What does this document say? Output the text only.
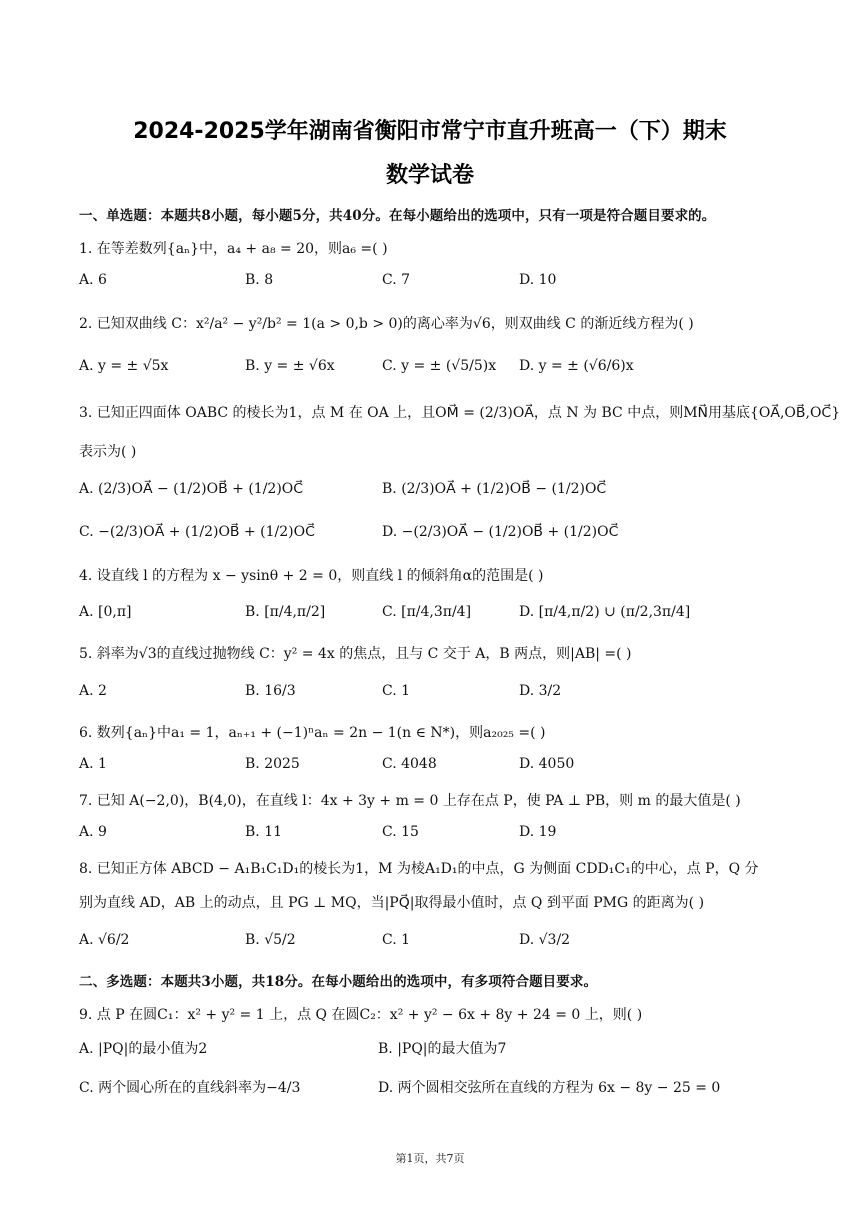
2024-2025学年湖南省衡阳市常宁市直升班高一（下）期末
数学试卷
一、单选题：本题共8小题，每小题5分，共40分。在每小题给出的选项中，只有一项是符合题目要求的。
1. 在等差数列{aₙ}中，a₄ + a₈ = 20，则a₆ =( )
A. 6	B. 8	C. 7	D. 10
2. 已知双曲线 C：x²/a² − y²/b² = 1(a > 0,b > 0)的离心率为√6，则双曲线 C 的渐近线方程为( )
A. y = ± √5x	B. y = ± √6x	C. y = ± (√5/5)x D. y = ± (√6/6)x
3. 已知正四面体 OABC 的棱长为1，点 M 在 OA 上，且OM⃗ = (2/3)OA⃗，点 N 为 BC 中点，则MN⃗用基底{OA⃗,OB⃗,OC⃗}
表示为( )
A. (2/3)OA⃗ − (1/2)OB⃗ + (1/2)OC⃗	B. (2/3)OA⃗ + (1/2)OB⃗ − (1/2)OC⃗
C. −(2/3)OA⃗ + (1/2)OB⃗ + (1/2)OC⃗	D. −(2/3)OA⃗ − (1/2)OB⃗ + (1/2)OC⃗
4. 设直线 l 的方程为 x − ysinθ + 2 = 0，则直线 l 的倾斜角α的范围是( )
A. [0,π]	B. [π/4,π/2]	C. [π/4,3π/4]	D. [π/4,π/2) ∪ (π/2,3π/4]
5. 斜率为√3的直线过抛物线 C：y² = 4x 的焦点，且与 C 交于 A，B 两点，则|AB| =( )
A. 2	B. 16/3	C. 1	D. 3/2
6. 数列{aₙ}中a₁ = 1，aₙ₊₁ + (−1)ⁿaₙ = 2n − 1(n ∈ N*)，则a₂₀₂₅ =( )
A. 1	B. 2025	C. 4048	D. 4050
7. 已知 A(−2,0)，B(4,0)，在直线 l：4x + 3y + m = 0 上存在点 P，使 PA ⊥ PB，则 m 的最大值是( )
A. 9	B. 11	C. 15	D. 19
8. 已知正方体 ABCD − A₁B₁C₁D₁的棱长为1，M 为棱A₁D₁的中点，G 为侧面 CDD₁C₁的中心，点 P，Q 分
别为直线 AD，AB 上的动点，且 PG ⊥ MQ，当|PQ⃗|取得最小值时，点 Q 到平面 PMG 的距离为( )
A. √6/2	B. √5/2	C. 1	D. √3/2
二、多选题：本题共3小题，共18分。在每小题给出的选项中，有多项符合题目要求。
9. 点 P 在圆C₁：x² + y² = 1 上，点 Q 在圆C₂：x² + y² − 6x + 8y + 24 = 0 上，则( )
A. |PQ|的最小值为2	B. |PQ|的最大值为7
C. 两个圆心所在的直线斜率为−4/3	D. 两个圆相交弦所在直线的方程为 6x − 8y − 25 = 0
第1页，共7页
